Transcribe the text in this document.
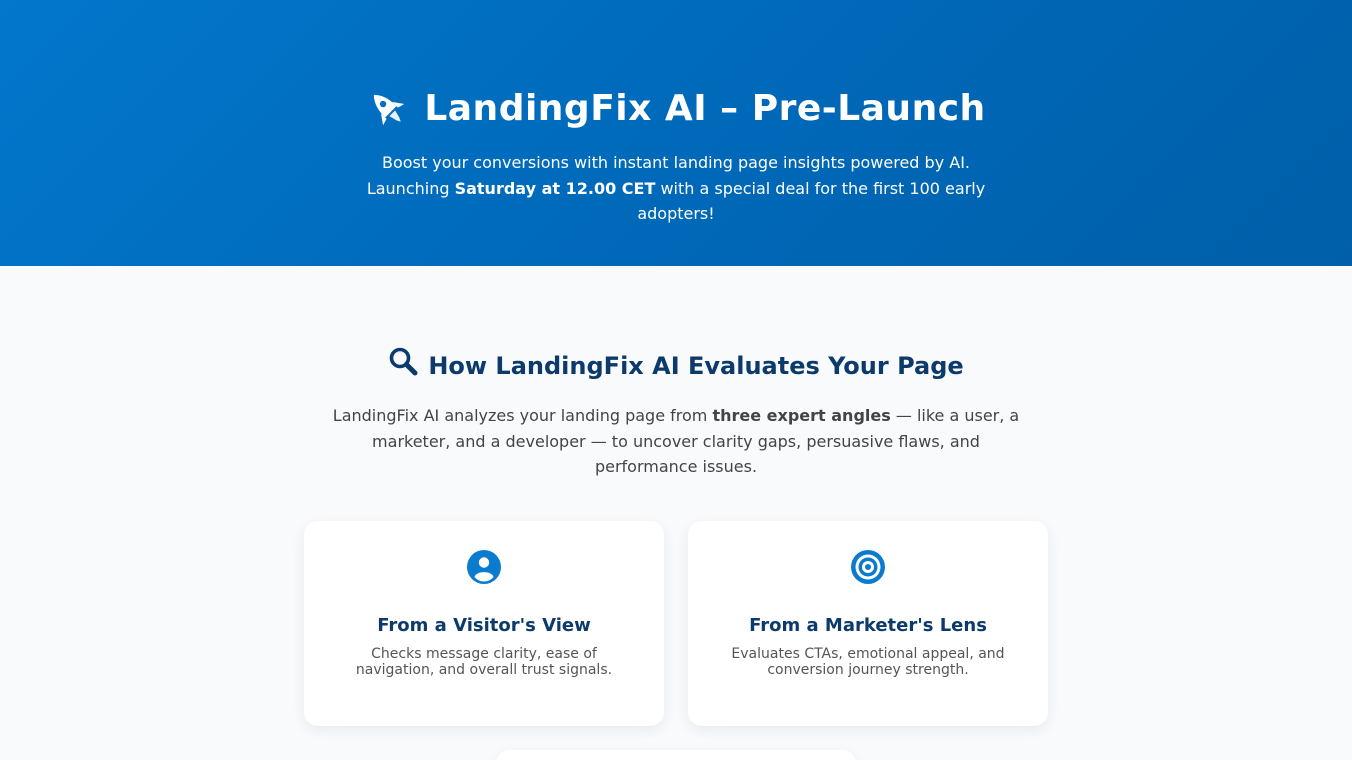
LandingFix AI – Pre-Launch

Boost your conversions with instant landing page insights powered by AI.
Launching Saturday at 12.00 CET with a special deal for the first 100 early adopters!

How LandingFix AI Evaluates Your Page

LandingFix AI analyzes your landing page from three expert angles — like a user, a marketer, and a developer — to uncover clarity gaps, persuasive flaws, and performance issues.

From a Visitor's View

Checks message clarity, ease of navigation, and overall trust signals.

From a Marketer's Lens

Evaluates CTAs, emotional appeal, and conversion journey strength.
